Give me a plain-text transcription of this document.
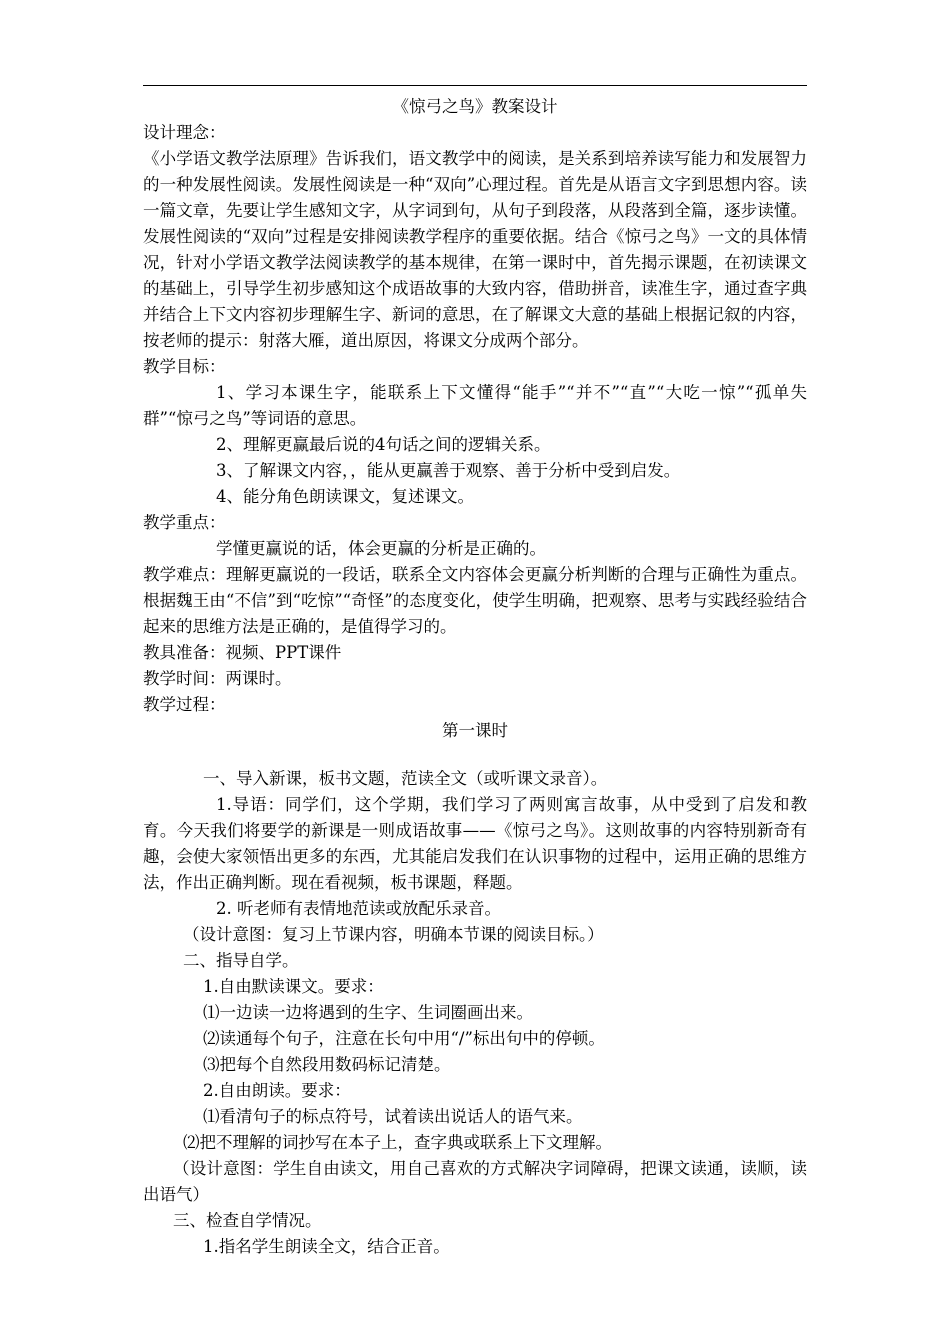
《惊弓之鸟》教案设计

设计理念：

《小学语文教学法原理》告诉我们，语文教学中的阅读，是关系到培养读写能力和发展智力的一种发展性阅读。发展性阅读是一种“双向”心理过程。首先是从语言文字到思想内容。读一篇文章，先要让学生感知文字，从字词到句，从句子到段落，从段落到全篇，逐步读懂。发展性阅读的“双向”过程是安排阅读教学程序的重要依据。结合《惊弓之鸟》一文的具体情况，针对小学语文教学法阅读教学的基本规律，在第一课时中，首先揭示课题，在初读课文的基础上，引导学生初步感知这个成语故事的大致内容，借助拼音，读准生字，通过查字典并结合上下文内容初步理解生字、新词的意思，在了解课文大意的基础上根据记叙的内容，按老师的提示：射落大雁，道出原因，将课文分成两个部分。

教学目标：

1、学习本课生字，能联系上下文懂得“能手”“并不”“直”“大吃一惊”“孤单失群”“惊弓之鸟”等词语的意思。

2、理解更赢最后说的4句话之间的逻辑关系。

3、了解课文内容，，能从更赢善于观察、善于分析中受到启发。

4、能分角色朗读课文，复述课文。

教学重点：

学懂更赢说的话，体会更赢的分析是正确的。

教学难点：理解更赢说的一段话，联系全文内容体会更赢分析判断的合理与正确性为重点。根据魏王由“不信”到“吃惊”“奇怪”的态度变化，使学生明确，把观察、思考与实践经验结合起来的思维方法是正确的，是值得学习的。

教具准备：视频、PPT课件

教学时间：两课时。

教学过程：

第一课时

一、导入新课，板书文题，范读全文（或听课文录音）。

1.导语：同学们，这个学期，我们学习了两则寓言故事，从中受到了启发和教育。今天我们将要学的新课是一则成语故事——《惊弓之鸟》。这则故事的内容特别新奇有趣，会使大家领悟出更多的东西，尤其能启发我们在认识事物的过程中，运用正确的思维方法，作出正确判断。现在看视频，板书课题，释题。

2. 听老师有表情地范读或放配乐录音。

（设计意图：复习上节课内容，明确本节课的阅读目标。）

二、指导自学。

1.自由默读课文。要求：

⑴一边读一边将遇到的生字、生词圈画出来。

⑵读通每个句子，注意在长句中用“/”标出句中的停顿。

⑶把每个自然段用数码标记清楚。

2.自由朗读。要求：

⑴看清句子的标点符号，试着读出说话人的语气来。

⑵把不理解的词抄写在本子上，查字典或联系上下文理解。

（设计意图：学生自由读文，用自己喜欢的方式解决字词障碍，把课文读通，读顺，读出语气）

三、检查自学情况。

1.指名学生朗读全文，结合正音。
